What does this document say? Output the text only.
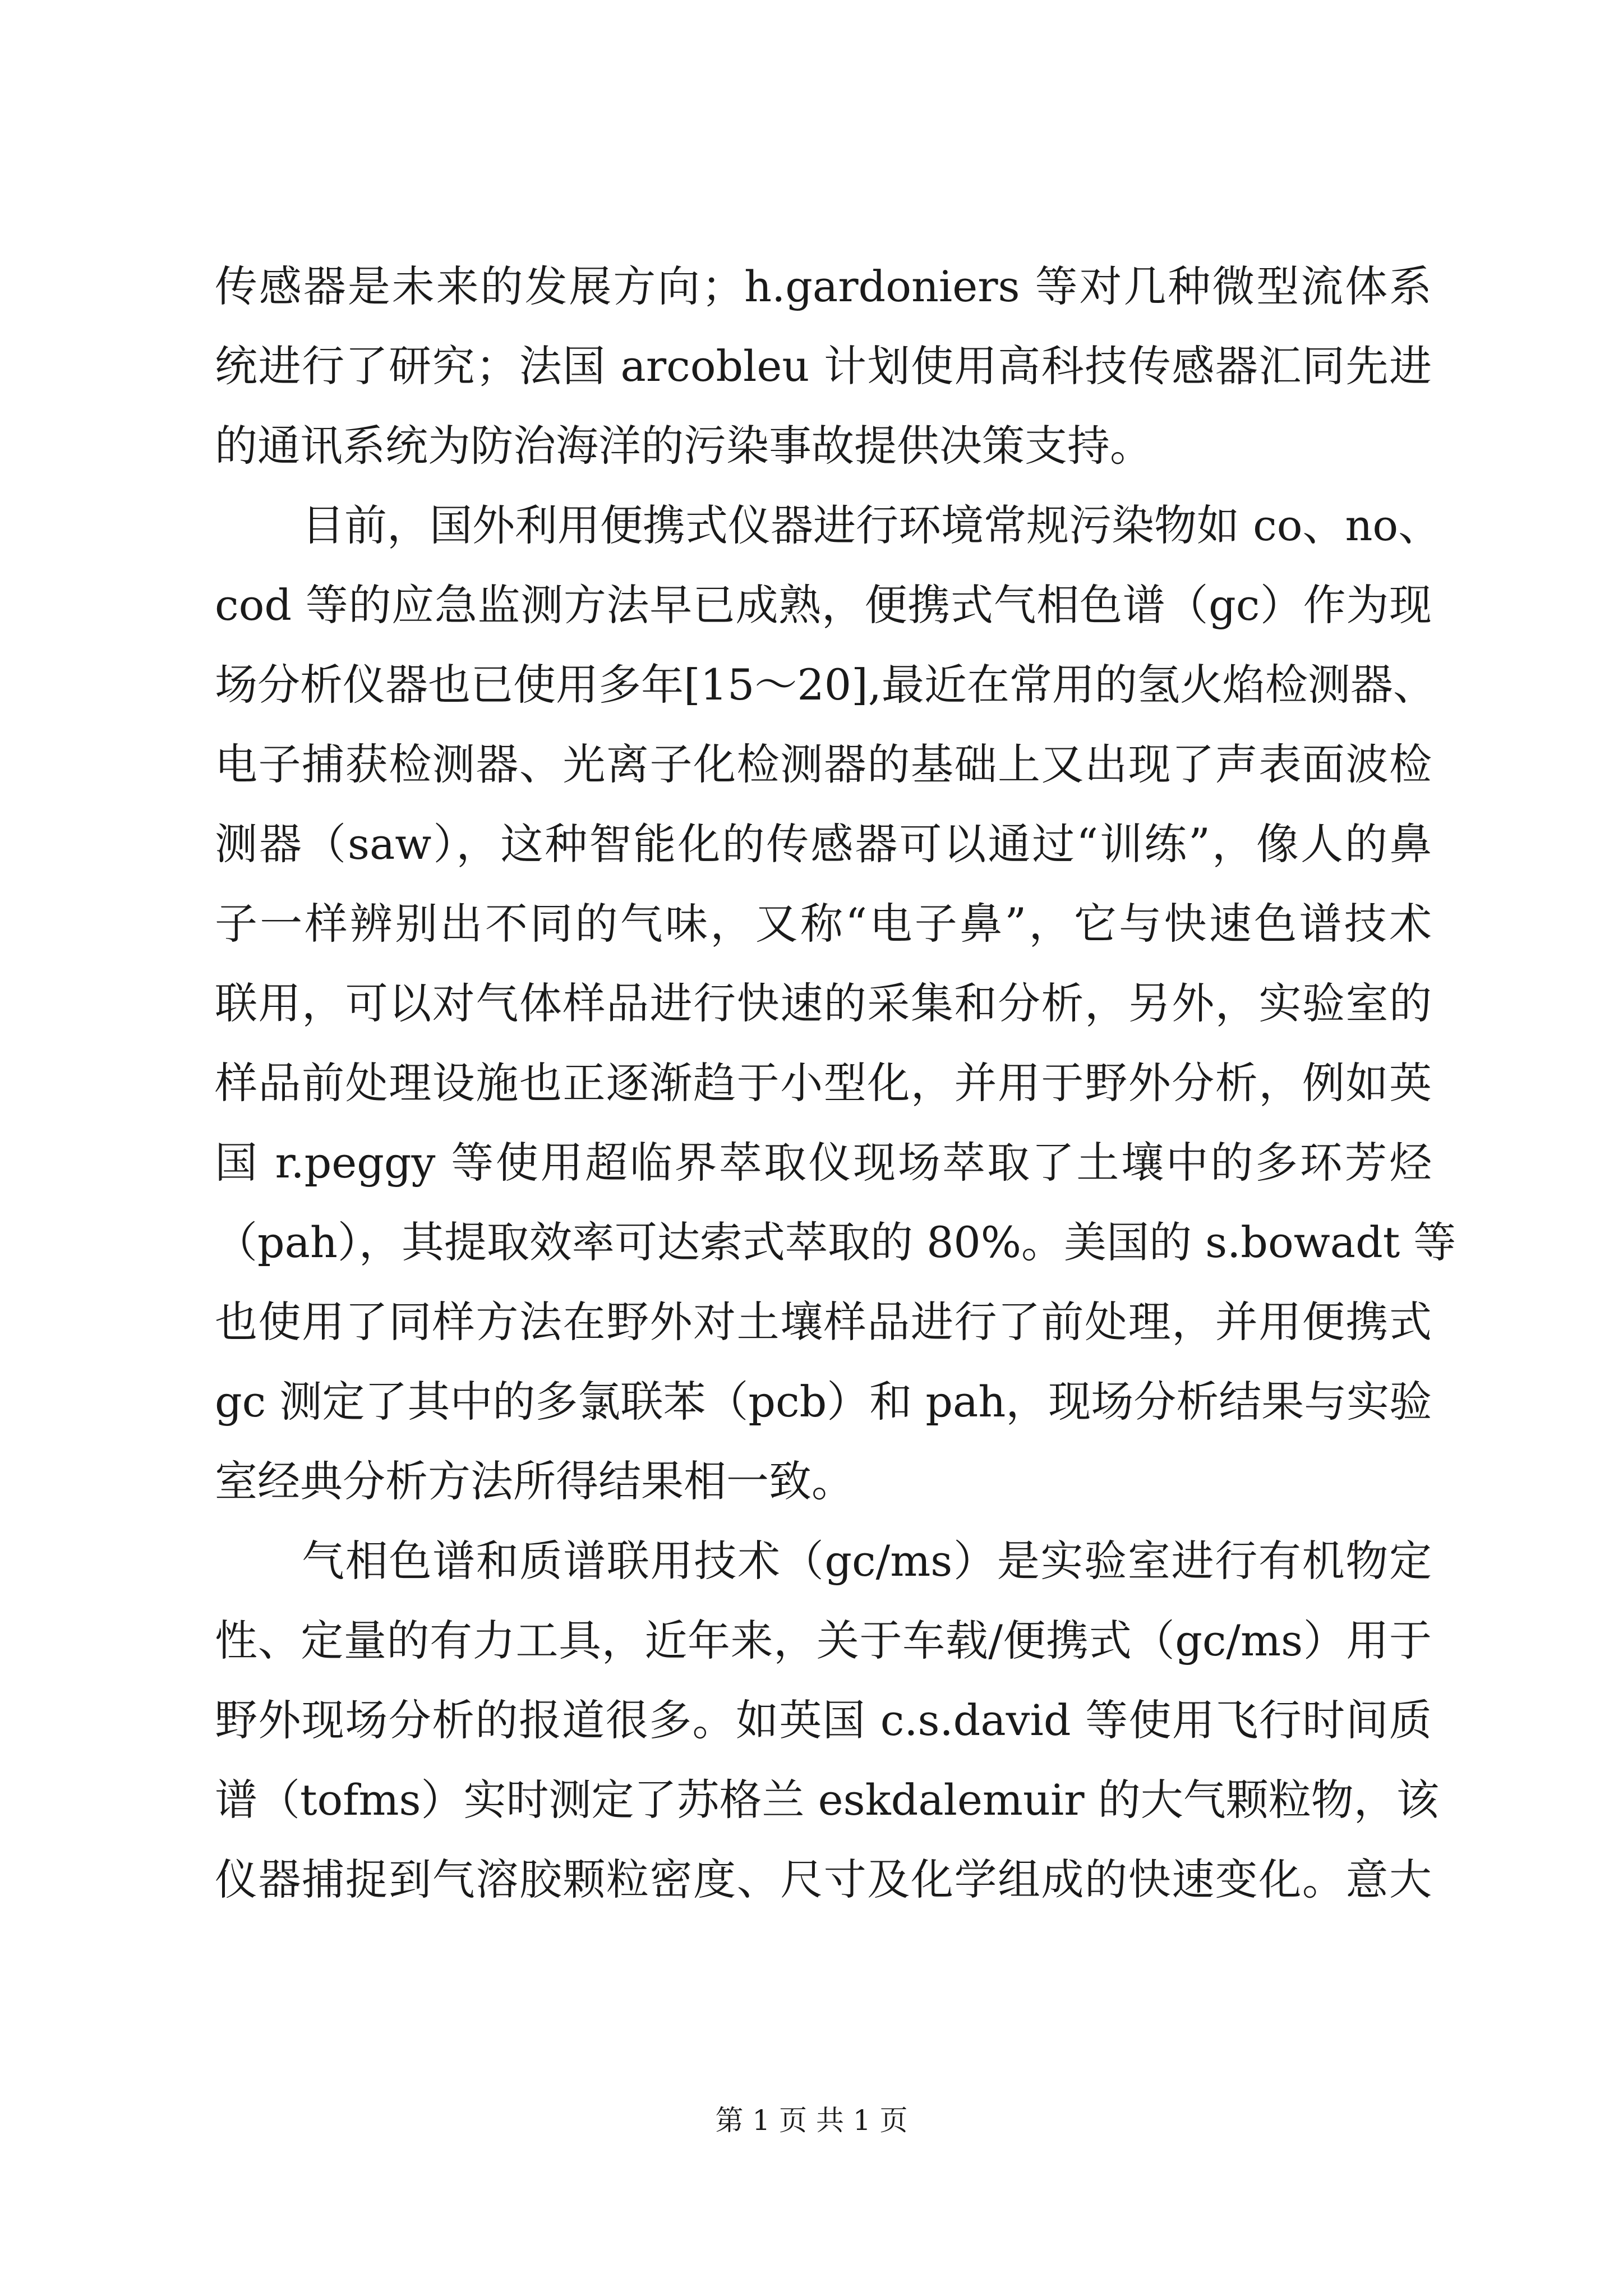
传感器是未来的发展方向；h.gardoniers 等对几种微型流体系
统进行了研究；法国 arcobleu 计划使用高科技传感器汇同先进
的通讯系统为防治海洋的污染事故提供决策支持。
目前，国外利用便携式仪器进行环境常规污染物如 co、no、
cod 等的应急监测方法早已成熟，便携式气相色谱（gc）作为现
场分析仪器也已使用多年[15～20],最近在常用的氢火焰检测器、
电子捕获检测器、光离子化检测器的基础上又出现了声表面波检
测器（saw），这种智能化的传感器可以通过“训练”，像人的鼻
子一样辨别出不同的气味，又称“电子鼻”，它与快速色谱技术
联用，可以对气体样品进行快速的采集和分析，另外，实验室的
样品前处理设施也正逐渐趋于小型化，并用于野外分析，例如英
国 r.peggy 等使用超临界萃取仪现场萃取了土壤中的多环芳烃
（pah），其提取效率可达索式萃取的 80%。美国的 s.bowadt 等
也使用了同样方法在野外对土壤样品进行了前处理，并用便携式
gc 测定了其中的多氯联苯（pcb）和 pah，现场分析结果与实验
室经典分析方法所得结果相一致。
气相色谱和质谱联用技术（gc/ms）是实验室进行有机物定
性、定量的有力工具，近年来，关于车载/便携式（gc/ms）用于
野外现场分析的报道很多。如英国 c.s.david 等使用飞行时间质
谱（tofms）实时测定了苏格兰 eskdalemuir 的大气颗粒物，该
仪器捕捉到气溶胶颗粒密度、尺寸及化学组成的快速变化。意大
第 1 页 共 1 页
